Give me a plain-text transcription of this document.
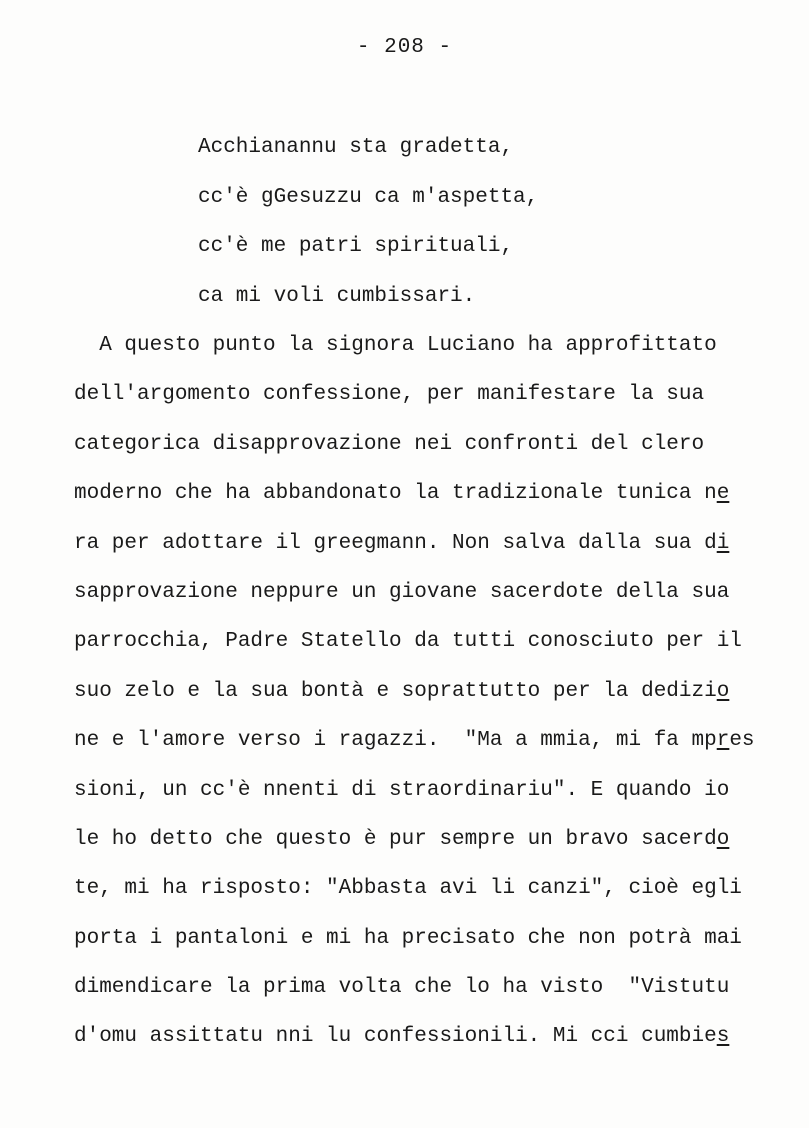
- 208 -
Acchianannu sta gradetta,
cc'è gGesuzzu ca m'aspetta,
cc'è me patri spirituali,
ca mi voli cumbissari.
A questo punto la signora Luciano ha approfittato
dell'argomento confessione, per manifestare la sua
categorica disapprovazione nei confronti del clero
moderno che ha abbandonato la tradizionale tunica ne
ra per adottare il greegmann. Non salva dalla sua di
sapprovazione neppure un giovane sacerdote della sua
parrocchia, Padre Statello da tutti conosciuto per il
suo zelo e la sua bontà e soprattutto per la dedizio
ne e l'amore verso i ragazzi.  "Ma a mmia, mi fa mpres
sioni, un cc'è nnenti di straordinariu". E quando io
le ho detto che questo è pur sempre un bravo sacerdo
te, mi ha risposto: "Abbasta avi li canzi", cioè egli
porta i pantaloni e mi ha precisato che non potrà mai
dimendicare la prima volta che lo ha visto  "Vistutu
d'omu assittatu nni lu confessionili. Mi cci cumbies
